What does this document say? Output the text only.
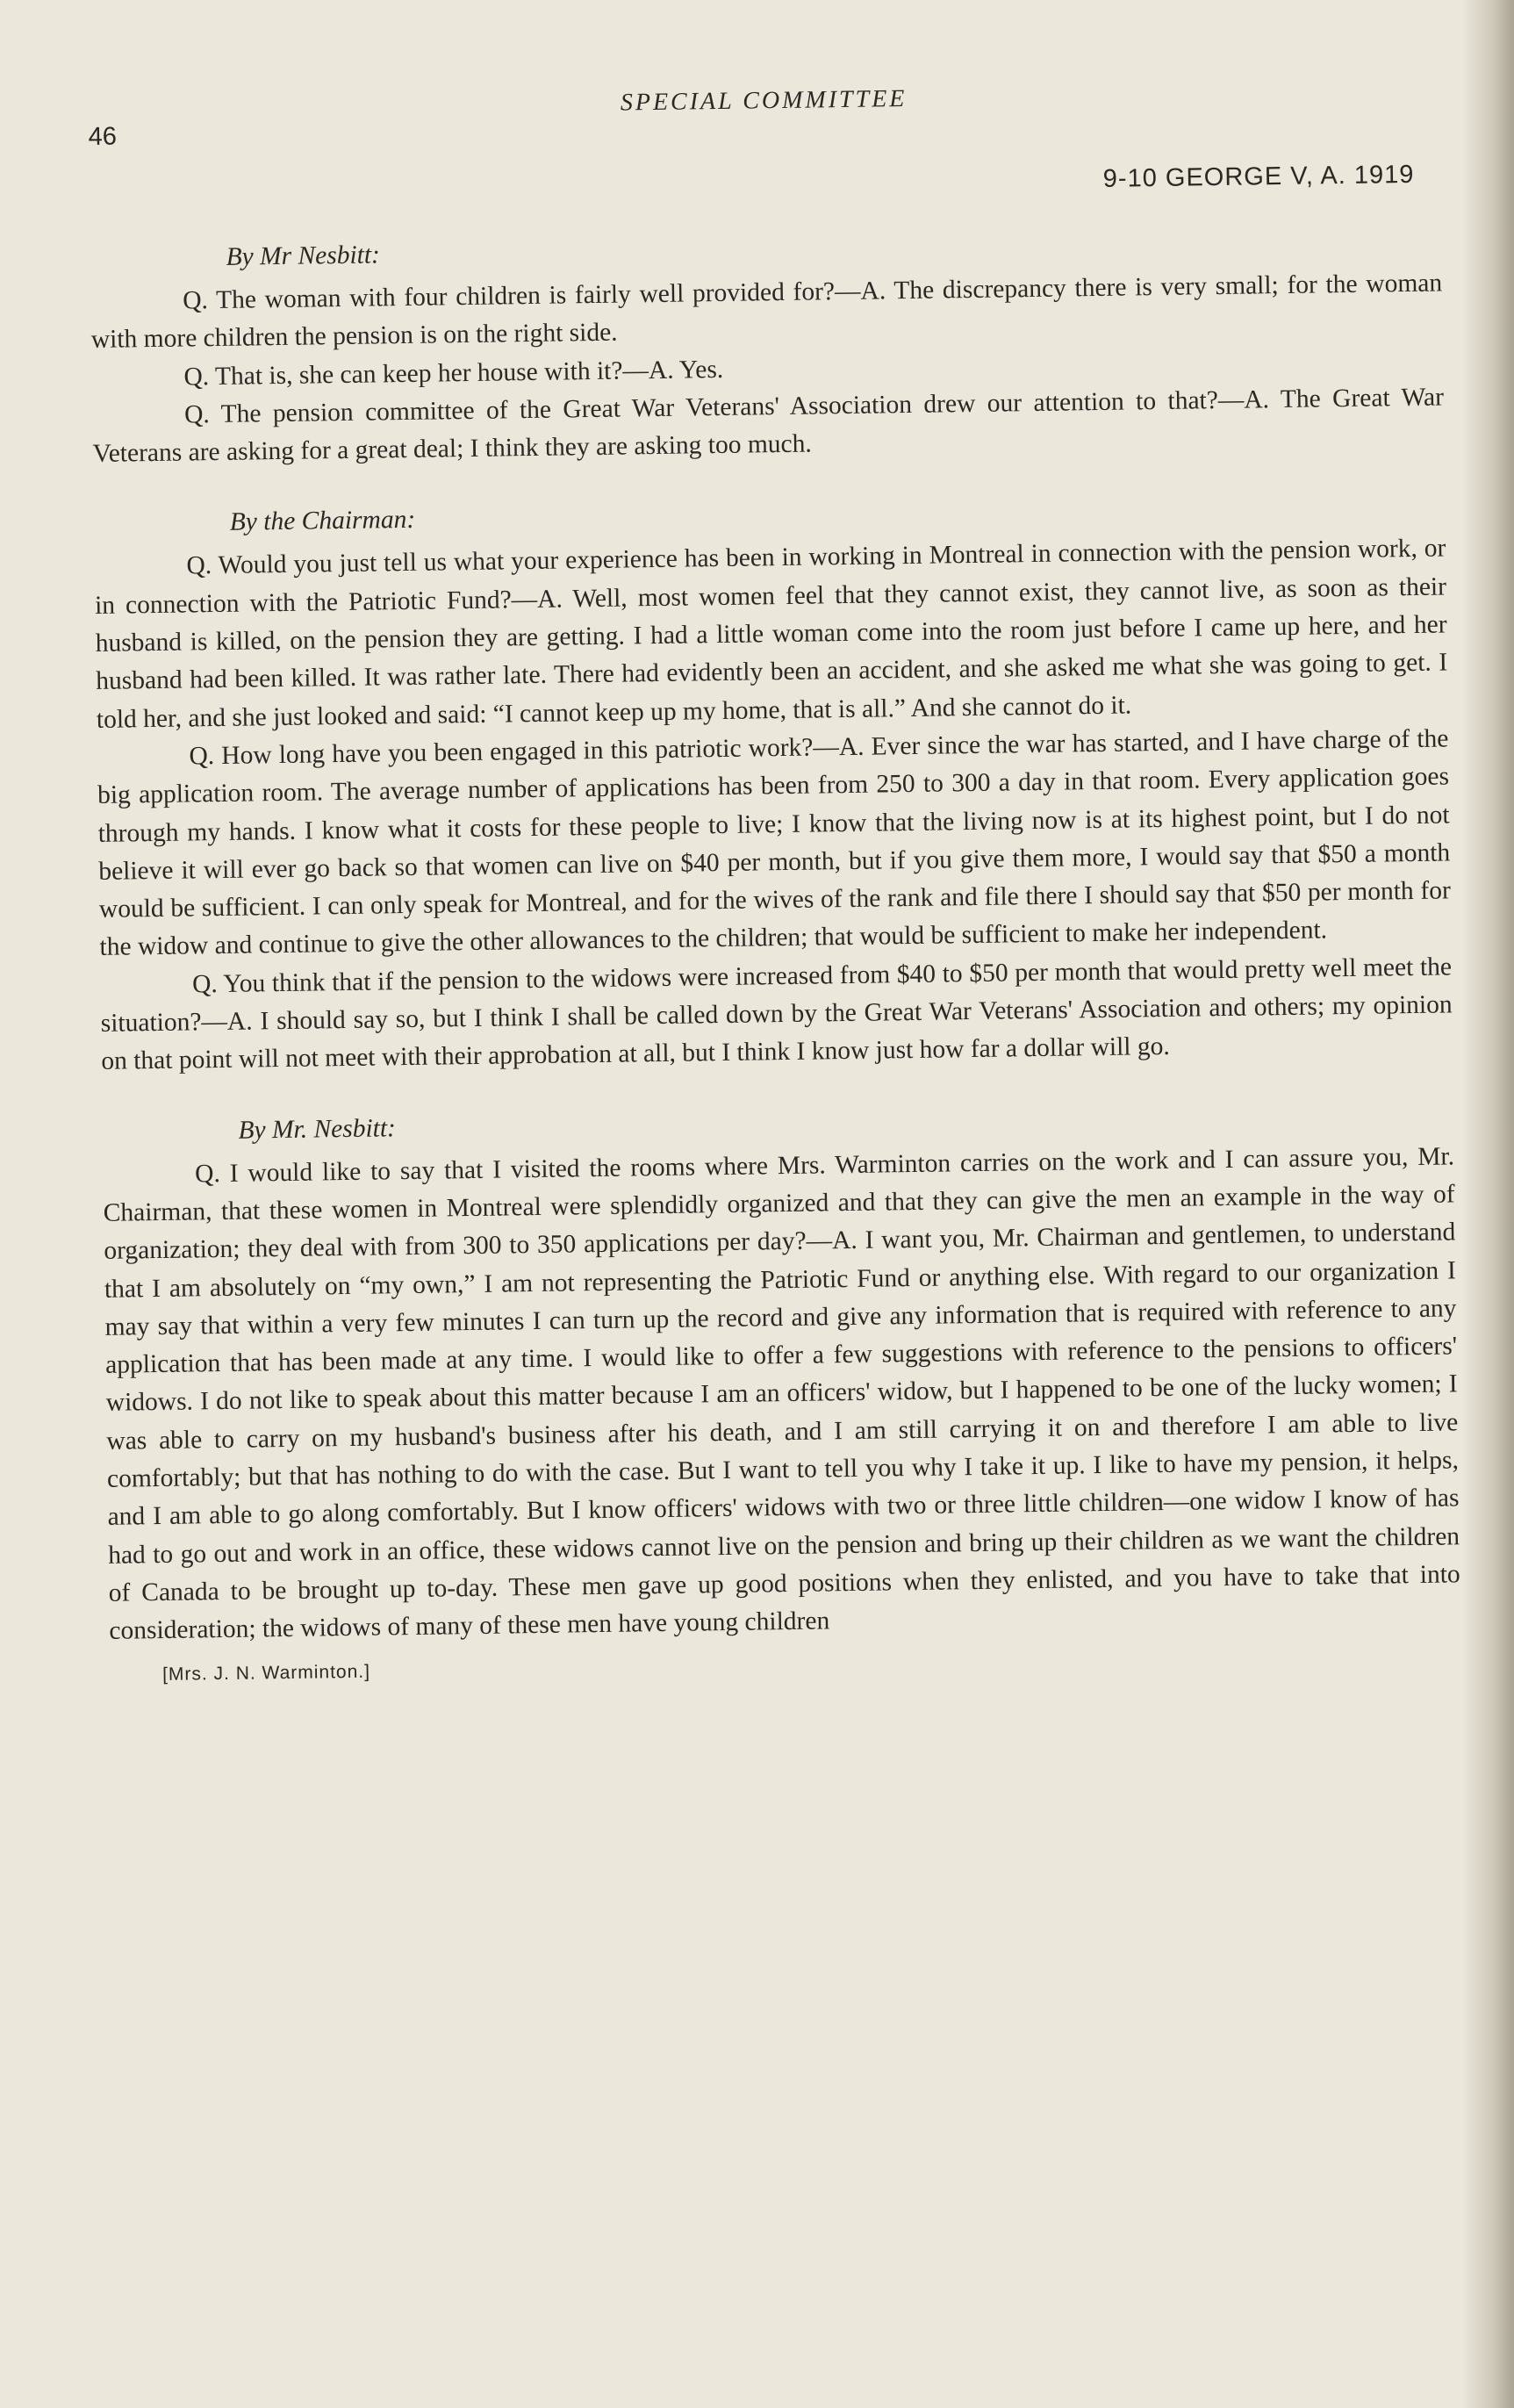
46
SPECIAL COMMITTEE
9-10 GEORGE V, A. 1919
By Mr Nesbitt:

Q. The woman with four children is fairly well provided for?—A. The discrepancy there is very small; for the woman with more children the pension is on the right side.

Q. That is, she can keep her house with it?—A. Yes.

Q. The pension committee of the Great War Veterans' Association drew our attention to that?—A. The Great War Veterans are asking for a great deal; I think they are asking too much.

By the Chairman:

Q. Would you just tell us what your experience has been in working in Montreal in connection with the pension work, or in connection with the Patriotic Fund?—A. Well, most women feel that they cannot exist, they cannot live, as soon as their husband is killed, on the pension they are getting. I had a little woman come into the room just before I came up here, and her husband had been killed. It was rather late. There had evidently been an accident, and she asked me what she was going to get. I told her, and she just looked and said: “I cannot keep up my home, that is all.” And she cannot do it.

Q. How long have you been engaged in this patriotic work?—A. Ever since the war has started, and I have charge of the big application room. The average number of applications has been from 250 to 300 a day in that room. Every application goes through my hands. I know what it costs for these people to live; I know that the living now is at its highest point, but I do not believe it will ever go back so that women can live on $40 per month, but if you give them more, I would say that $50 a month would be sufficient. I can only speak for Montreal, and for the wives of the rank and file there I should say that $50 per month for the widow and continue to give the other allowances to the children; that would be sufficient to make her independent.

Q. You think that if the pension to the widows were increased from $40 to $50 per month that would pretty well meet the situation?—A. I should say so, but I think I shall be called down by the Great War Veterans' Association and others; my opinion on that point will not meet with their approbation at all, but I think I know just how far a dollar will go.

By Mr. Nesbitt:

Q. I would like to say that I visited the rooms where Mrs. Warminton carries on the work and I can assure you, Mr. Chairman, that these women in Montreal were splendidly organized and that they can give the men an example in the way of organization; they deal with from 300 to 350 applications per day?—A. I want you, Mr. Chairman and gentlemen, to understand that I am absolutely on “my own,” I am not representing the Patriotic Fund or anything else. With regard to our organization I may say that within a very few minutes I can turn up the record and give any information that is required with reference to any application that has been made at any time. I would like to offer a few suggestions with reference to the pensions to officers' widows. I do not like to speak about this matter because I am an officers' widow, but I happened to be one of the lucky women; I was able to carry on my husband's business after his death, and I am still carrying it on and therefore I am able to live comfortably; but that has nothing to do with the case. But I want to tell you why I take it up. I like to have my pension, it helps, and I am able to go along comfortably. But I know officers' widows with two or three little children—one widow I know of has had to go out and work in an office, these widows cannot live on the pension and bring up their children as we want the children of Canada to be brought up to-day. These men gave up good positions when they enlisted, and you have to take that into consideration; the widows of many of these men have young children

[Mrs. J. N. Warminton.]
